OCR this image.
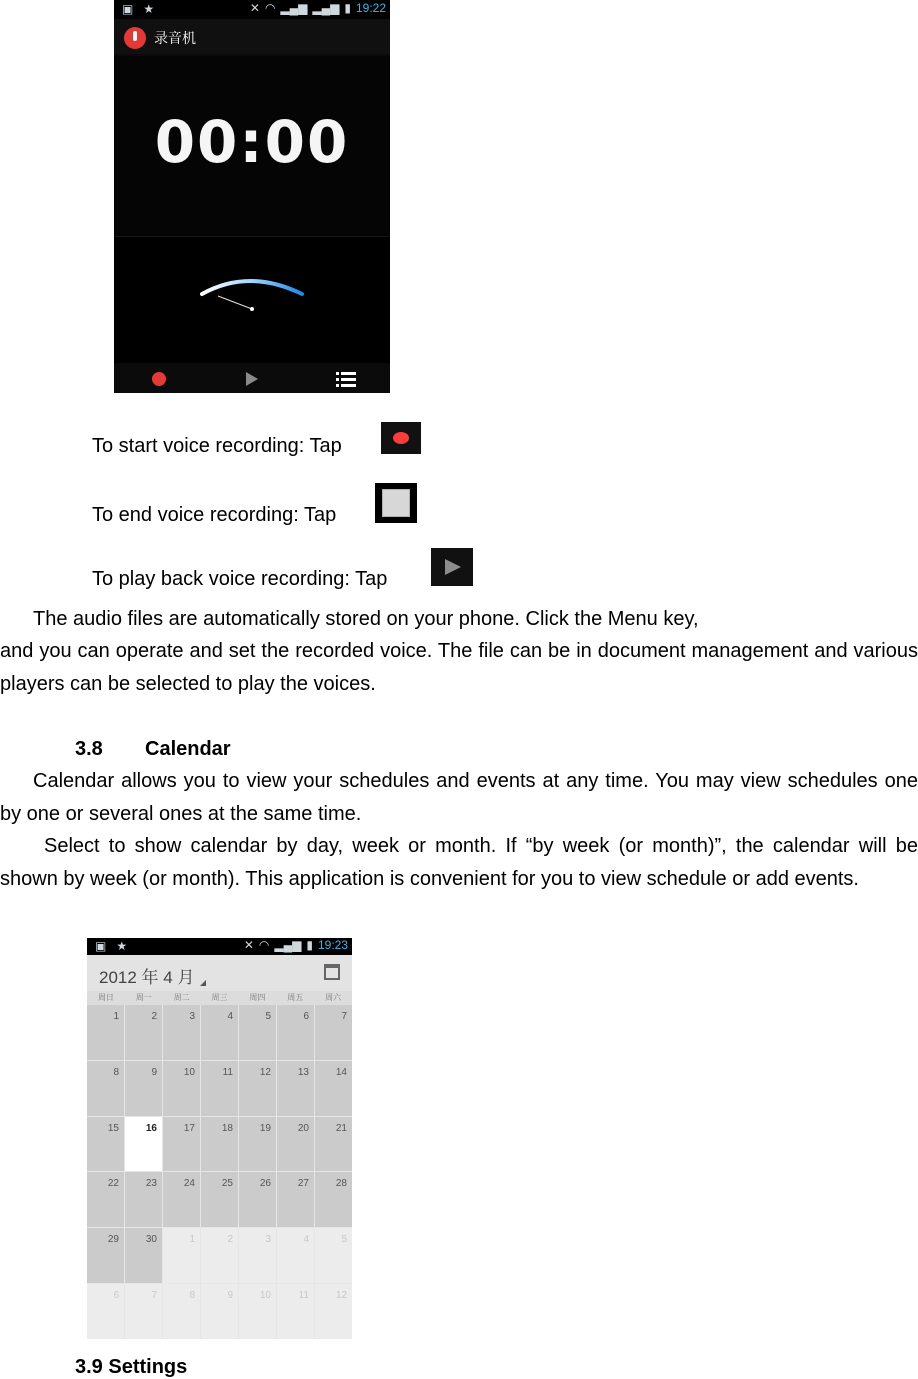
▣ ★	✕ ◠ ▂▄▆ ▂▄▆ ▮ 19:22
录音机
00:00
To start voice recording: Tap
To end voice recording: Tap
To play back voice recording: Tap
The audio files are automatically stored on your phone. Click the Menu key,
and you can operate and set the recorded voice. The file can be in document management and various players can be selected to play the voices.
3.8 Calendar
Calendar allows you to view your schedules and events at any time. You may view schedules one by one or several ones at the same time.
Select to show calendar by day, week or month. If “by week (or month)”, the calendar will be shown by week (or month). This application is convenient for you to view schedule or add events.
▣ ★	✕ ◠ ▂▄▆ ▮ 19:23
2012 年 4 月
周日	周一	周二	周三	周四	周五	周六
1	2	3	4	5	6	7
8	9	10	11	12	13	14
15	16	17	18	19	20	21
22	23	24	25	26	27	28
29	30	1	2	3	4	5
6	7	8	9	10	11	12
3.9 Settings
